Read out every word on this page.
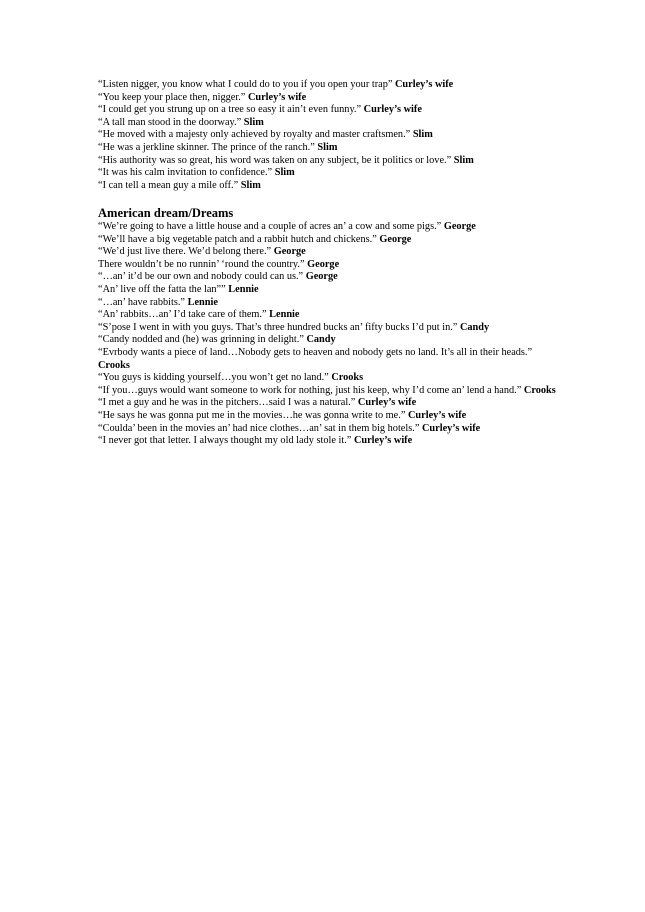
“Listen nigger, you know what I could do to you if you open your trap” Curley’s wife

“You keep your place then, nigger.” Curley’s wife

“I could get you strung up on a tree so easy it ain’t even funny.” Curley’s wife

“A tall man stood in the doorway.” Slim

“He moved with a majesty only achieved by royalty and master craftsmen.” Slim

“He was a jerkline skinner. The prince of the ranch.” Slim

“His authority was so great, his word was taken on any subject, be it politics or love.” Slim

“It was his calm invitation to confidence.” Slim

“I can tell a mean guy a mile off.” Slim

American dream/Dreams

“We’re going to have a little house and a couple of acres an’ a cow and some pigs.” George

“We’ll have a big vegetable patch and a rabbit hutch and chickens.” George

“We’d just live there. We’d belong there.” George

There wouldn’t be no runnin’ ‘round the country.” George

“…an’ it’d be our own and nobody could can us.” George

“An’ live off the fatta the lan”” Lennie

“…an’ have rabbits.” Lennie

“An’ rabbits…an’ I’d take care of them.” Lennie

“S’pose I went in with you guys. That’s three hundred bucks an’ fifty bucks I’d put in.” Candy

“Candy nodded and (he) was grinning in delight.” Candy

“Evrbody wants a piece of land…Nobody gets to heaven and nobody gets no land. It’s all in their heads.” Crooks

“You guys is kidding yourself…you won’t get no land.” Crooks

“If you…guys would want someone to work for nothing, just his keep, why I’d come an’ lend a hand.” Crooks

“I met a guy and he was in the pitchers…said I was a natural.” Curley’s wife

“He says he was gonna put me in the movies…he was gonna write to me.” Curley’s wife

“Coulda’ been in the movies an’ had nice clothes…an’ sat in them big hotels.” Curley’s wife

“I never got that letter. I always thought my old lady stole it.” Curley’s wife
